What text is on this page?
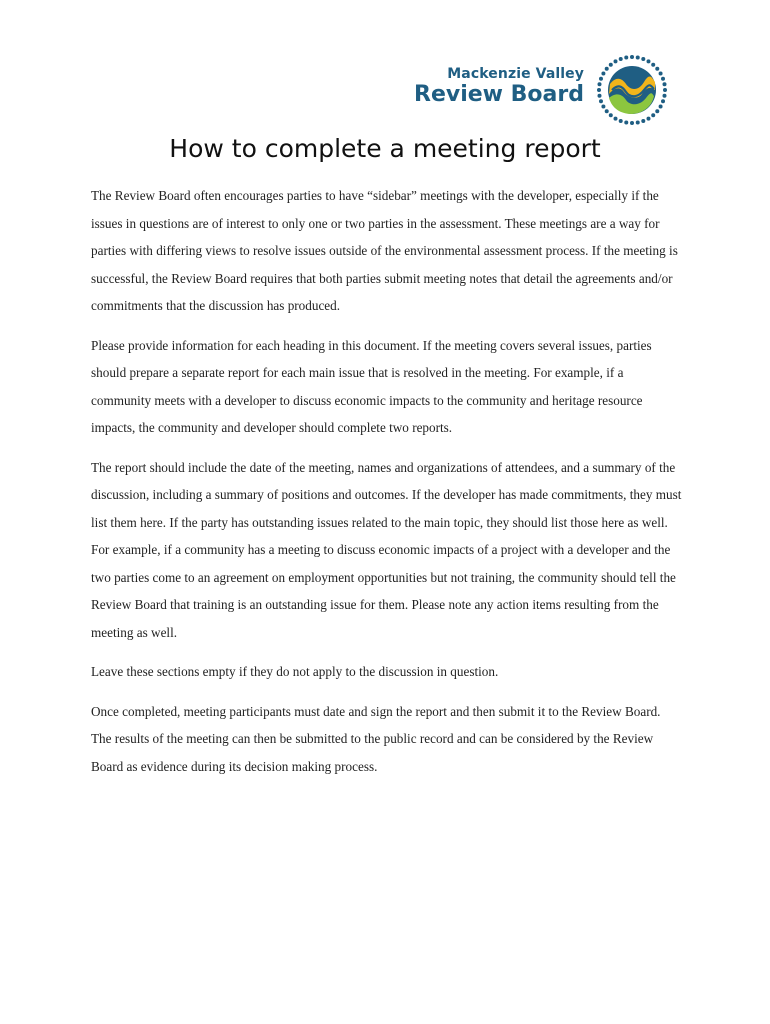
Mackenzie Valley
Review Board
How to complete a meeting report

The Review Board often encourages parties to have “sidebar” meetings with the developer, especially if the issues in questions are of interest to only one or two parties in the assessment. These meetings are a way for parties with differing views to resolve issues outside of the environmental assessment process. If the meeting is successful, the Review Board requires that both parties submit meeting notes that detail the agreements and/or commitments that the discussion has produced.

Please provide information for each heading in this document. If the meeting covers several issues, parties should prepare a separate report for each main issue that is resolved in the meeting. For example, if a community meets with a developer to discuss economic impacts to the community and heritage resource impacts, the community and developer should complete two reports.

The report should include the date of the meeting, names and organizations of attendees, and a summary of the discussion, including a summary of positions and outcomes. If the developer has made commitments, they must list them here. If the party has outstanding issues related to the main topic, they should list those here as well. For example, if a community has a meeting to discuss economic impacts of a project with a developer and the two parties come to an agreement on employment opportunities but not training, the community should tell the Review Board that training is an outstanding issue for them. Please note any action items resulting from the meeting as well.

Leave these sections empty if they do not apply to the discussion in question.

Once completed, meeting participants must date and sign the report and then submit it to the Review Board. The results of the meeting can then be submitted to the public record and can be considered by the Review Board as evidence during its decision making process.
